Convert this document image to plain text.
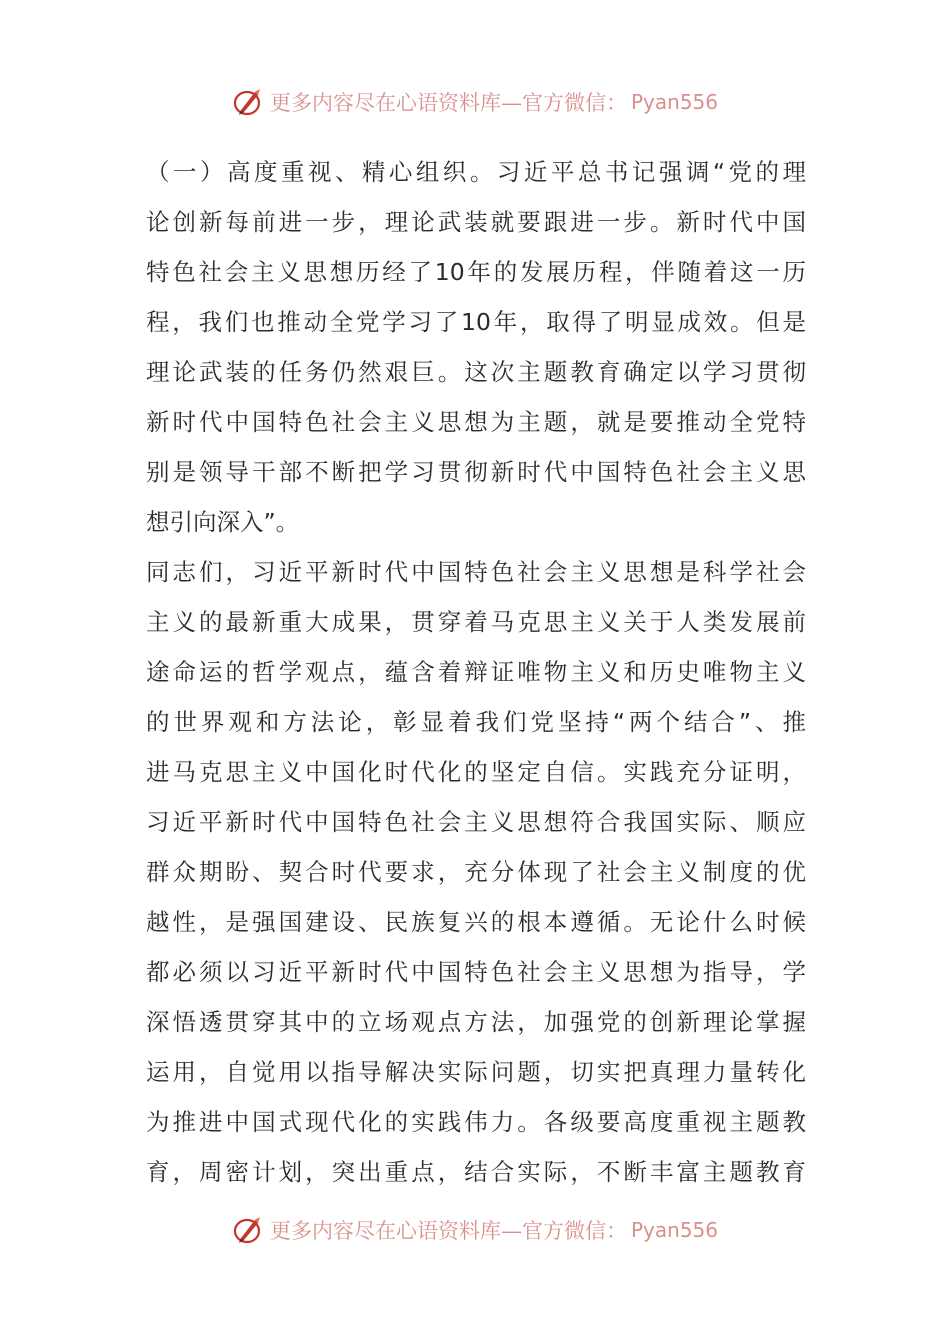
更多内容尽在心语资料库—官方微信： Pyan556
（一）高度重视、精心组织。习近平总书记强调“党的理
论创新每前进一步，理论武装就要跟进一步。新时代中国
特色社会主义思想历经了10年的发展历程，伴随着这一历
程，我们也推动全党学习了10年，取得了明显成效。但是
理论武装的任务仍然艰巨。这次主题教育确定以学习贯彻
新时代中国特色社会主义思想为主题，就是要推动全党特
别是领导干部不断把学习贯彻新时代中国特色社会主义思
想引向深入”。
同志们，习近平新时代中国特色社会主义思想是科学社会
主义的最新重大成果，贯穿着马克思主义关于人类发展前
途命运的哲学观点，蕴含着辩证唯物主义和历史唯物主义
的世界观和方法论，彰显着我们党坚持“两个结合”、推
进马克思主义中国化时代化的坚定自信。实践充分证明，
习近平新时代中国特色社会主义思想符合我国实际、顺应
群众期盼、契合时代要求，充分体现了社会主义制度的优
越性，是强国建设、民族复兴的根本遵循。无论什么时候
都必须以习近平新时代中国特色社会主义思想为指导，学
深悟透贯穿其中的立场观点方法，加强党的创新理论掌握
运用，自觉用以指导解决实际问题，切实把真理力量转化
为推进中国式现代化的实践伟力。各级要高度重视主题教
育，周密计划，突出重点，结合实际，不断丰富主题教育
更多内容尽在心语资料库—官方微信： Pyan556
